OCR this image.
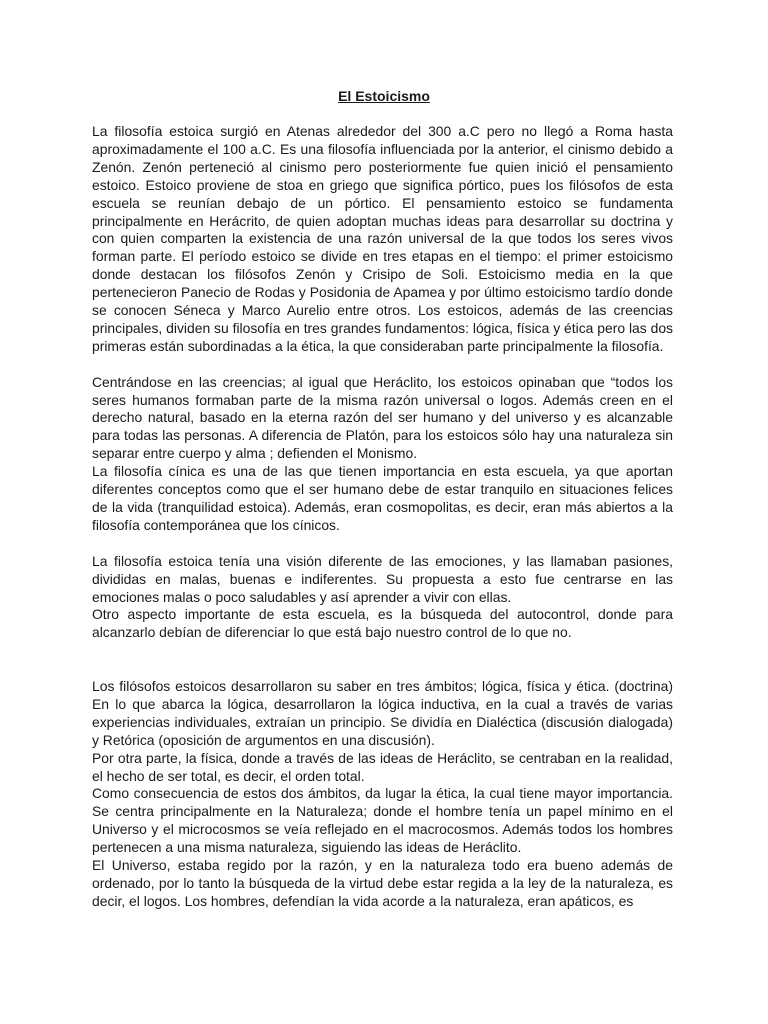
El Estoicismo

La filosofía estoica surgió en Atenas alrededor del 300 a.C pero no llegó a Roma hasta aproximadamente el 100 a.C. Es una filosofía influenciada por la anterior, el cinismo debido a Zenón. Zenón perteneció al cinismo pero posteriormente fue quien inició el pensamiento estoico. Estoico proviene de stoa en griego que significa pórtico, pues los filósofos de esta escuela se reunían debajo de un pórtico. El pensamiento estoico se fundamenta principalmente en Herácrito, de quien adoptan muchas ideas para desarrollar su doctrina y con quien comparten la existencia de una razón universal de la que todos los seres vivos forman parte. El período estoico se divide en tres etapas en el tiempo: el primer estoicismo donde destacan los filósofos Zenón y Crisipo de Soli. Estoicismo media en la que pertenecieron Panecio de Rodas y Posidonia de Apamea y por último estoicismo tardío donde se conocen Séneca y Marco Aurelio entre otros. Los estoicos, además de las creencias principales, dividen su filosofía en tres grandes fundamentos: lógica, física y ética pero las dos primeras están subordinadas a la ética, la que consideraban parte principalmente la filosofía.

Centrándose en las creencias; al igual que Heráclito, los estoicos opinaban que “todos los seres humanos formaban parte de la misma razón universal o logos. Además creen en el derecho natural, basado en la eterna razón del ser humano y del universo y es alcanzable para todas las personas. A diferencia de Platón, para los estoicos sólo hay una naturaleza sin separar entre cuerpo y alma ; defienden el Monismo.

La filosofía cínica es una de las que tienen importancia en esta escuela, ya que aportan diferentes conceptos como que el ser humano debe de estar tranquilo en situaciones felices de la vida (tranquilidad estoica). Además, eran cosmopolitas, es decir, eran más abiertos a la filosofía contemporánea que los cínicos.

La filosofía estoica tenía una visión diferente de las emociones, y las llamaban pasiones, divididas en malas, buenas e indiferentes. Su propuesta a esto fue centrarse en las emociones malas o poco saludables y así aprender a vivir con ellas.

Otro aspecto importante de esta escuela, es la búsqueda del autocontrol, donde para alcanzarlo debían de diferenciar lo que está bajo nuestro control de lo que no.

Los filósofos estoicos desarrollaron su saber en tres ámbitos; lógica, física y ética. (doctrina) En lo que abarca la lógica, desarrollaron la lógica inductiva, en la cual a través de varias experiencias individuales, extraían un principio. Se dividía en Dialéctica (discusión dialogada) y Retórica (oposición de argumentos en una discusión).

Por otra parte, la física, donde a través de las ideas de Heráclito, se centraban en la realidad, el hecho de ser total, es decir, el orden total.

Como consecuencia de estos dos ámbitos, da lugar la ética, la cual tiene mayor importancia. Se centra principalmente en la Naturaleza; donde el hombre tenía un papel mínimo en el Universo y el microcosmos se veía reflejado en el macrocosmos. Además todos los hombres pertenecen a una misma naturaleza, siguiendo las ideas de Heráclito.

El Universo, estaba regido por la razón, y en la naturaleza todo era bueno además de ordenado, por lo tanto la búsqueda de la virtud debe estar regida a la ley de la naturaleza, es decir, el logos. Los hombres, defendían la vida acorde a la naturaleza, eran apáticos, es
